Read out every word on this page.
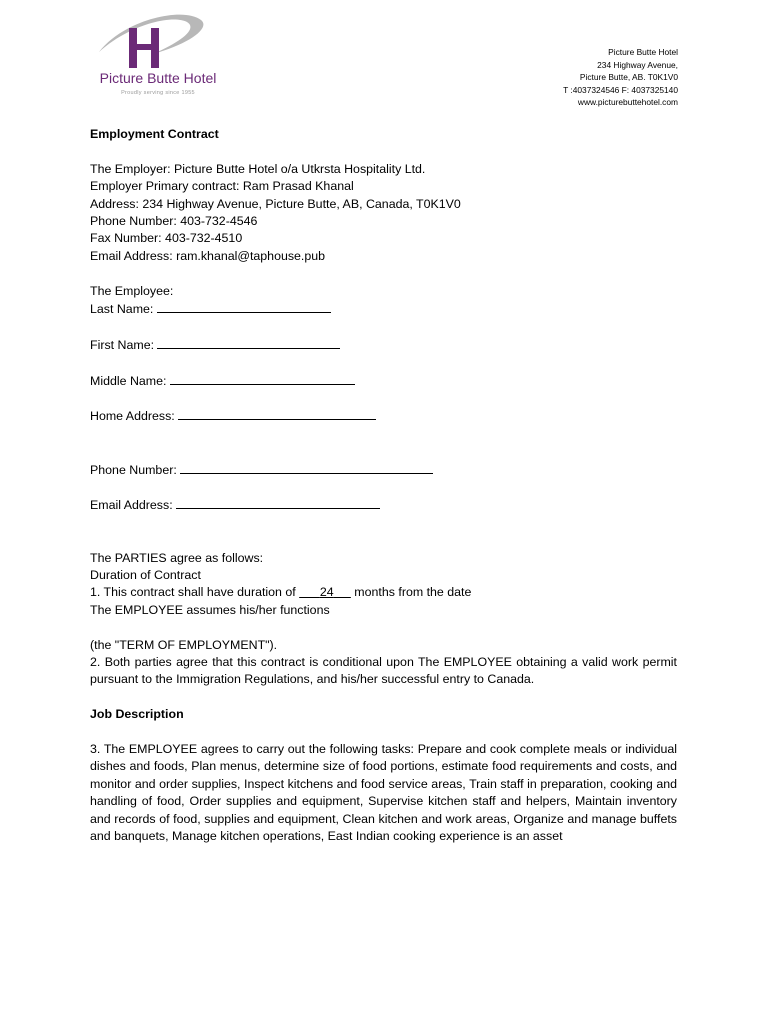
Picture Butte Hotel
Proudly serving since 1955
Picture Butte Hotel
234 Highway Avenue,
Picture Butte, AB. T0K1V0
T :4037324546 F: 4037325140
www.picturebuttehotel.com

Employment Contract

The Employer: Picture Butte Hotel o/a Utkrsta Hospitality Ltd.

Employer Primary contract: Ram Prasad Khanal

Address: 234 Highway Avenue, Picture Butte, AB, Canada, T0K1V0

Phone Number: 403-732-4546

Fax Number: 403-732-4510

Email Address: ram.khanal@taphouse.pub

The Employee:

Last Name:

First Name:

Middle Name:

Home Address:

Phone Number:

Email Address:

The PARTIES agree as follows:

Duration of Contract

1. This contract shall have duration of 24 months from the date

The EMPLOYEE assumes his/her functions

(the "TERM OF EMPLOYMENT").

2. Both parties agree that this contract is conditional upon The EMPLOYEE obtaining a valid work permit pursuant to the Immigration Regulations, and his/her successful entry to Canada.

Job Description

3. The EMPLOYEE agrees to carry out the following tasks: Prepare and cook complete meals or individual dishes and foods, Plan menus, determine size of food portions, estimate food requirements and costs, and monitor and order supplies, Inspect kitchens and food service areas, Train staff in preparation, cooking and handling of food, Order supplies and equipment, Supervise kitchen staff and helpers, Maintain inventory and records of food, supplies and equipment, Clean kitchen and work areas, Organize and manage buffets and banquets, Manage kitchen operations, East Indian cooking experience is an asset
